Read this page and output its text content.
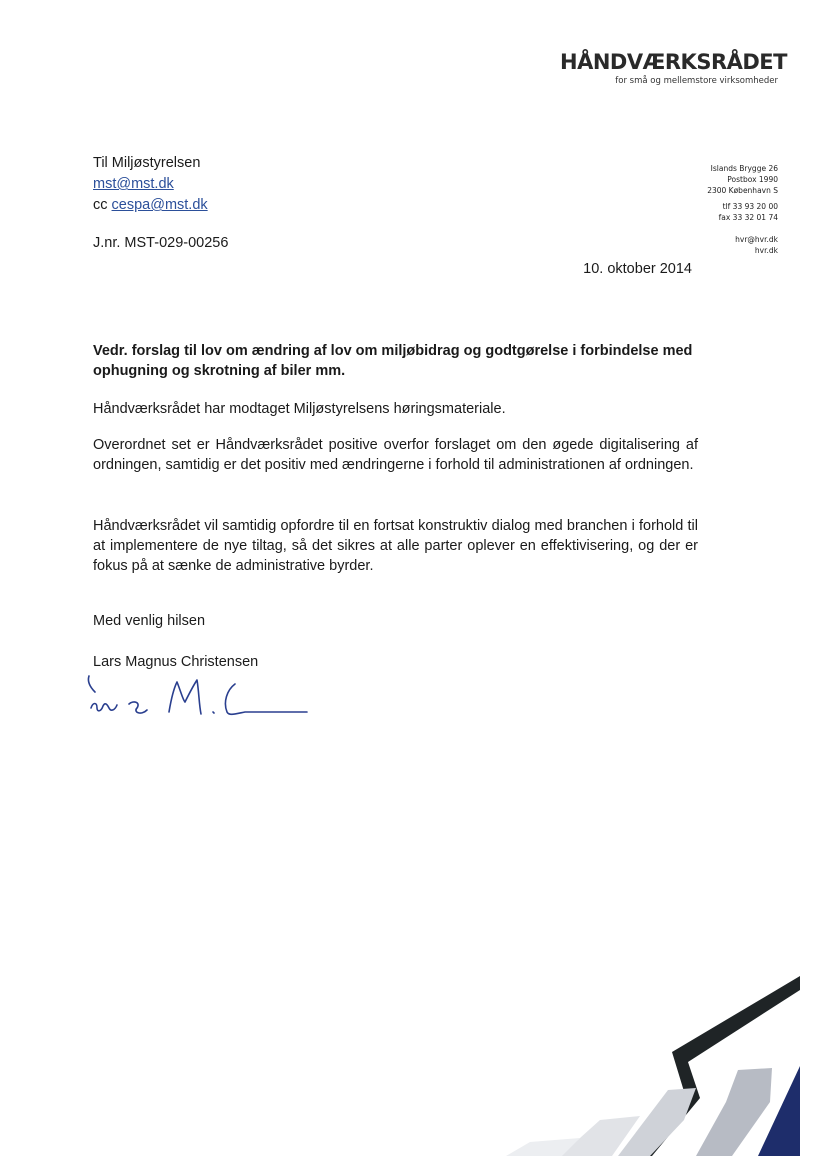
HÅNDVÆRKSRÅDET
for små og mellemstore virksomheder
Islands Brygge 26
Postbox 1990
2300 København S
tlf 33 93 20 00
fax 33 32 01 74
hvr@hvr.dk
hvr.dk
Til Miljøstyrelsen
mst@mst.dk
cc cespa@mst.dk
J.nr. MST-029-00256
10. oktober 2014
Vedr. forslag til lov om ændring af lov om miljøbidrag og godtgørelse i forbindelse med ophugning og skrotning af biler mm.
Håndværksrådet har modtaget Miljøstyrelsens høringsmateriale.
Overordnet set er Håndværksrådet positive overfor forslaget om den øgede digitalisering af ordningen, samtidig er det positiv med ændringerne i forhold til administrationen af ordningen.
Håndværksrådet vil samtidig opfordre til en fortsat konstruktiv dialog med branchen i forhold til at implementere de nye tiltag, så det sikres at alle parter oplever en effektivisering, og der er fokus på at sænke de administrative byrder.
Med venlig hilsen
Lars Magnus Christensen
